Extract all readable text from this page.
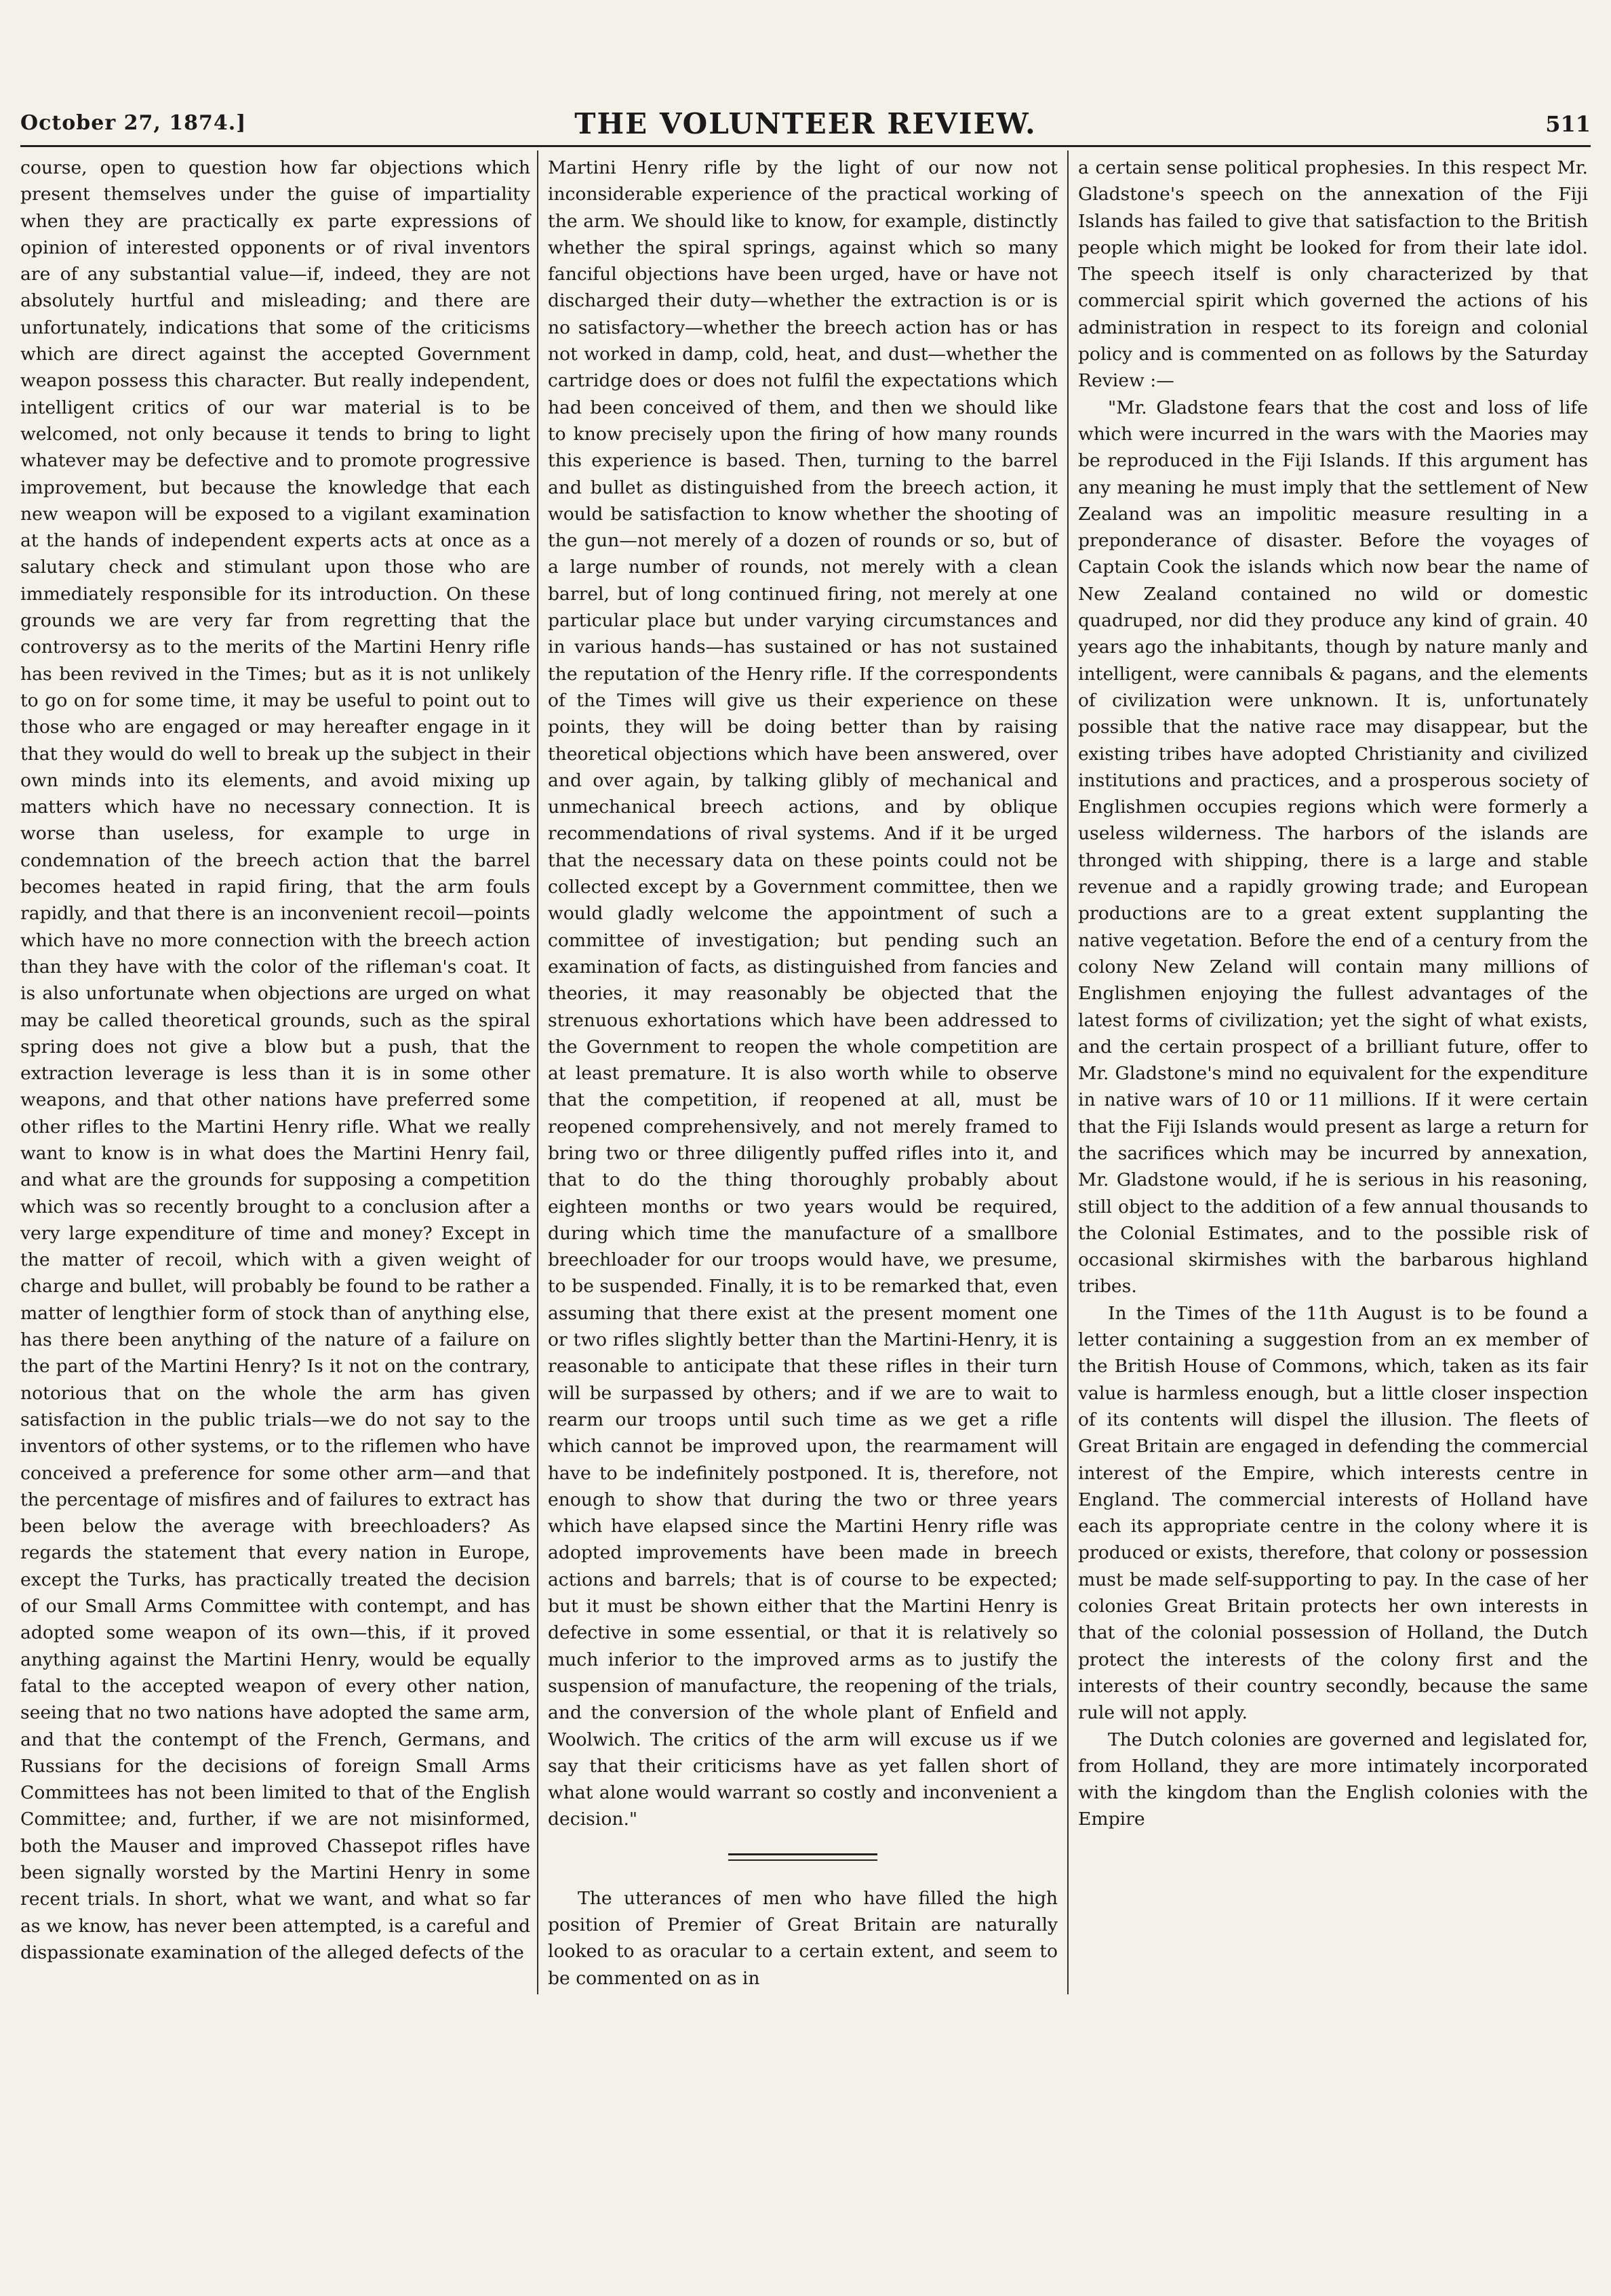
October 27, 1874.]	THE VOLUNTEER REVIEW.	511

course, open to question how far objections which present themselves under the guise of impartiality when they are practically ex parte expressions of opinion of interested opponents or of rival inventors are of any substantial value—if, indeed, they are not absolutely hurtful and misleading; and there are unfortunately, indications that some of the criticisms which are direct against the accepted Government weapon possess this character. But really independent, intelligent critics of our war material is to be welcomed, not only because it tends to bring to light whatever may be defective and to promote progressive improvement, but because the knowledge that each new weapon will be exposed to a vigilant examination at the hands of independent experts acts at once as a salutary check and stimulant upon those who are immediately responsible for its introduction. On these grounds we are very far from regretting that the controversy as to the merits of the Martini Henry rifle has been revived in the Times; but as it is not unlikely to go on for some time, it may be useful to point out to those who are engaged or may hereafter engage in it that they would do well to break up the subject in their own minds into its elements, and avoid mixing up matters which have no necessary connection. It is worse than useless, for example to urge in condemnation of the breech action that the barrel becomes heated in rapid firing, that the arm fouls rapidly, and that there is an inconvenient recoil—points which have no more connection with the breech action than they have with the color of the rifleman's coat. It is also unfortunate when objections are urged on what may be called theoretical grounds, such as the spiral spring does not give a blow but a push, that the extraction leverage is less than it is in some other weapons, and that other nations have preferred some other rifles to the Martini Henry rifle. What we really want to know is in what does the Martini Henry fail, and what are the grounds for supposing a competition which was so recently brought to a conclusion after a very large expenditure of time and money? Except in the matter of recoil, which with a given weight of charge and bullet, will probably be found to be rather a matter of lengthier form of stock than of anything else, has there been anything of the nature of a failure on the part of the Martini Henry? Is it not on the contrary, notorious that on the whole the arm has given satisfaction in the public trials—we do not say to the inventors of other systems, or to the riflemen who have conceived a preference for some other arm—and that the percentage of misfires and of failures to extract has been below the average with breechloaders? As regards the statement that every nation in Europe, except the Turks, has practically treated the decision of our Small Arms Committee with contempt, and has adopted some weapon of its own—this, if it proved anything against the Martini Henry, would be equally fatal to the accepted weapon of every other nation, seeing that no two nations have adopted the same arm, and that the contempt of the French, Germans, and Russians for the decisions of foreign Small Arms Committees has not been limited to that of the English Committee; and, further, if we are not misinformed, both the Mauser and improved Chassepot rifles have been signally worsted by the Martini Henry in some recent trials. In short, what we want, and what so far as we know, has never been attempted, is a careful and dispassionate examination of the alleged defects of the

Martini Henry rifle by the light of our now not inconsiderable experience of the practical working of the arm. We should like to know, for example, distinctly whether the spiral springs, against which so many fanciful objections have been urged, have or have not discharged their duty—whether the extraction is or is no satisfactory—whether the breech action has or has not worked in damp, cold, heat, and dust—whether the cartridge does or does not fulfil the expectations which had been conceived of them, and then we should like to know precisely upon the firing of how many rounds this experience is based. Then, turning to the barrel and bullet as distinguished from the breech action, it would be satisfaction to know whether the shooting of the gun—not merely of a dozen of rounds or so, but of a large number of rounds, not merely with a clean barrel, but of long continued firing, not merely at one particular place but under varying circumstances and in various hands—has sustained or has not sustained the reputation of the Henry rifle. If the correspondents of the Times will give us their experience on these points, they will be doing better than by raising theoretical objections which have been answered, over and over again, by talking glibly of mechanical and unmechanical breech actions, and by oblique recommendations of rival systems. And if it be urged that the necessary data on these points could not be collected except by a Government committee, then we would gladly welcome the appointment of such a committee of investigation; but pending such an examination of facts, as distinguished from fancies and theories, it may reasonably be objected that the strenuous exhortations which have been addressed to the Government to reopen the whole competition are at least premature. It is also worth while to observe that the competition, if reopened at all, must be reopened comprehensively, and not merely framed to bring two or three diligently puffed rifles into it, and that to do the thing thoroughly probably about eighteen months or two years would be required, during which time the manufacture of a smallbore breechloader for our troops would have, we presume, to be suspended. Finally, it is to be remarked that, even assuming that there exist at the present moment one or two rifles slightly better than the Martini-Henry, it is reasonable to anticipate that these rifles in their turn will be surpassed by others; and if we are to wait to rearm our troops until such time as we get a rifle which cannot be improved upon, the rearmament will have to be indefinitely postponed. It is, therefore, not enough to show that during the two or three years which have elapsed since the Martini Henry rifle was adopted improvements have been made in breech actions and barrels; that is of course to be expected; but it must be shown either that the Martini Henry is defective in some essential, or that it is relatively so much inferior to the improved arms as to justify the suspension of manufacture, the reopening of the trials, and the conversion of the whole plant of Enfield and Woolwich. The critics of the arm will excuse us if we say that their criticisms have as yet fallen short of what alone would warrant so costly and inconvenient a decision."

The utterances of men who have filled the high position of Premier of Great Britain are naturally looked to as oracular to a certain extent, and seem to be commented on as in

a certain sense political prophesies. In this respect Mr. Gladstone's speech on the annexation of the Fiji Islands has failed to give that satisfaction to the British people which might be looked for from their late idol. The speech itself is only characterized by that commercial spirit which governed the actions of his administration in respect to its foreign and colonial policy and is commented on as follows by the Saturday Review :—

"Mr. Gladstone fears that the cost and loss of life which were incurred in the wars with the Maories may be reproduced in the Fiji Islands. If this argument has any meaning he must imply that the settlement of New Zealand was an impolitic measure resulting in a preponderance of disaster. Before the voyages of Captain Cook the islands which now bear the name of New Zealand contained no wild or domestic quadruped, nor did they produce any kind of grain. 40 years ago the inhabitants, though by nature manly and intelligent, were cannibals & pagans, and the elements of civilization were unknown. It is, unfortunately possible that the native race may disappear, but the existing tribes have adopted Christianity and civilized institutions and practices, and a prosperous society of Englishmen occupies regions which were formerly a useless wilderness. The harbors of the islands are thronged with shipping, there is a large and stable revenue and a rapidly growing trade; and European productions are to a great extent supplanting the native vegetation. Before the end of a century from the colony New Zeland will contain many millions of Englishmen enjoying the fullest advantages of the latest forms of civilization; yet the sight of what exists, and the certain prospect of a brilliant future, offer to Mr. Gladstone's mind no equivalent for the expenditure in native wars of 10 or 11 millions. If it were certain that the Fiji Islands would present as large a return for the sacrifices which may be incurred by annexation, Mr. Gladstone would, if he is serious in his reasoning, still object to the addition of a few annual thousands to the Colonial Estimates, and to the possible risk of occasional skirmishes with the barbarous highland tribes.

In the Times of the 11th August is to be found a letter containing a suggestion from an ex member of the British House of Commons, which, taken as its fair value is harmless enough, but a little closer inspection of its contents will dispel the illusion. The fleets of Great Britain are engaged in defending the commercial interest of the Empire, which interests centre in England. The commercial interests of Holland have each its appropriate centre in the colony where it is produced or exists, therefore, that colony or possession must be made self-supporting to pay. In the case of her colonies Great Britain protects her own interests in that of the colonial possession of Holland, the Dutch protect the interests of the colony first and the interests of their country secondly, because the same rule will not apply.

The Dutch colonies are governed and legislated for, from Holland, they are more intimately incorporated with the kingdom than the English colonies with the Empire
